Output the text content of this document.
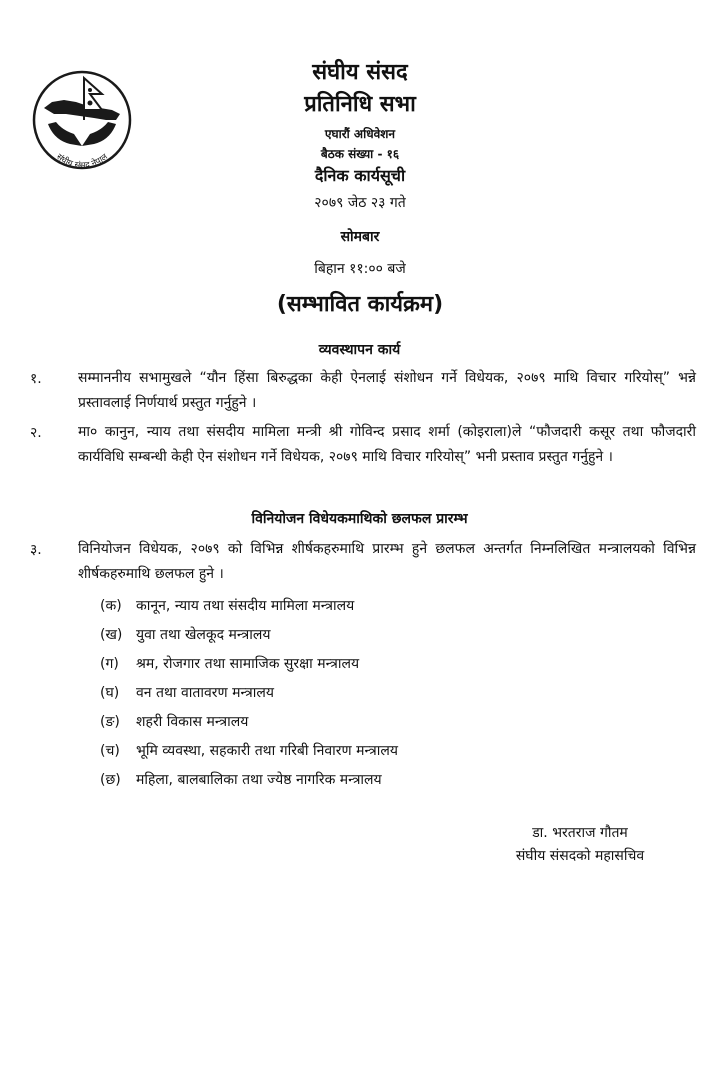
संघीय संसद नेपाल
संघीय संसद
प्रतिनिधि सभा
एघारौं अधिवेशन
बैठक संख्या - १६
दैनिक कार्यसूची
२०७९ जेठ २३ गते
सोमबार
बिहान ११:०० बजे
(सम्भावित कार्यक्रम)
व्यवस्थापन कार्य
१.	सम्माननीय सभामुखले “यौन हिंसा बिरुद्धका केही ऐनलाई संशोधन गर्ने विधेयक, २०७९ माथि विचार गरियोस्” भन्ने प्रस्तावलाई निर्णयार्थ प्रस्तुत गर्नुहुने ।
२.	मा० कानुन, न्याय तथा संसदीय मामिला मन्त्री श्री गोविन्द प्रसाद शर्मा (कोइराला)ले “फौजदारी कसूर तथा फौजदारी कार्यविधि सम्बन्धी केही ऐन संशोधन गर्ने विधेयक, २०७९ माथि विचार गरियोस्” भनी प्रस्ताव प्रस्तुत गर्नुहुने ।
विनियोजन विधेयकमाथिको छलफल प्रारम्भ
३.	विनियोजन विधेयक, २०७९ को विभिन्न शीर्षकहरुमाथि प्रारम्भ हुने छलफल अन्तर्गत निम्नलिखित मन्त्रालयको विभिन्न शीर्षकहरुमाथि छलफल हुने ।
(क)	कानून, न्याय तथा संसदीय मामिला मन्त्रालय
(ख) युवा तथा खेलकूद मन्त्रालय
(ग)	श्रम, रोजगार तथा सामाजिक सुरक्षा मन्त्रालय
(घ)	वन तथा वातावरण मन्त्रालय
(ङ)	शहरी विकास मन्त्रालय
(च)	भूमि व्यवस्था, सहकारी तथा गरिबी निवारण मन्त्रालय
(छ)	महिला, बालबालिका तथा ज्येष्ठ नागरिक मन्त्रालय
डा. भरतराज गौतम
संघीय संसदको महासचिव
